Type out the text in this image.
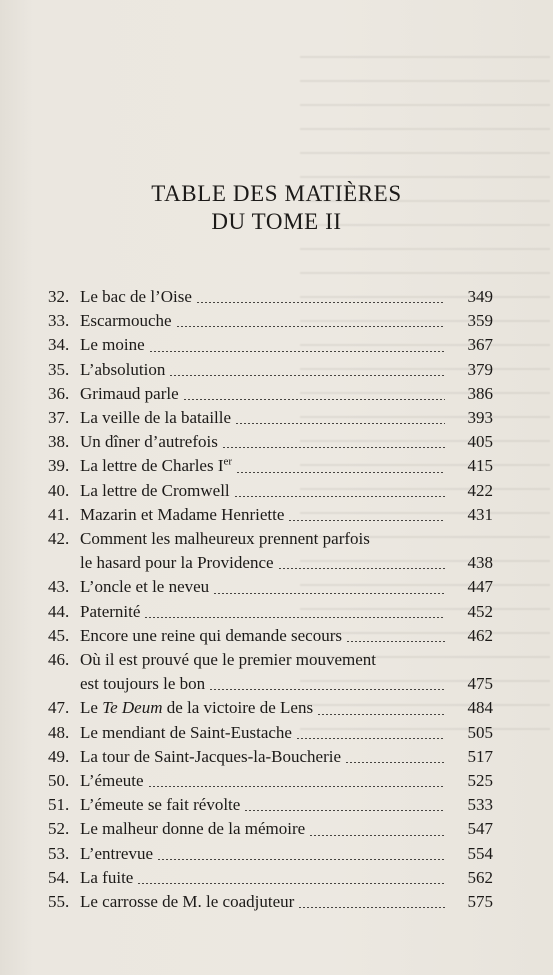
TABLE DES MATIÈRES
DU TOME II
32. Le bac de l’Oise	349
33. Escarmouche	359
34. Le moine	367
35. L’absolution	379
36. Grimaud parle	386
37. La veille de la bataille	393
38. Un dîner d’autrefois	405
39. La lettre de Charles Ier	415
40. La lettre de Cromwell	422
41. Mazarin et Madame Henriette	431
42. Comment les malheureux prennent parfois
le hasard pour la Providence	438
43. L’oncle et le neveu	447
44. Paternité	452
45. Encore une reine qui demande secours	462
46. Où il est prouvé que le premier mouvement
est toujours le bon	475
47. Le Te Deum de la victoire de Lens	484
48. Le mendiant de Saint-Eustache	505
49. La tour de Saint-Jacques-la-Boucherie	517
50. L’émeute	525
51. L’émeute se fait révolte	533
52. Le malheur donne de la mémoire	547
53. L’entrevue	554
54. La fuite	562
55. Le carrosse de M. le coadjuteur	575
